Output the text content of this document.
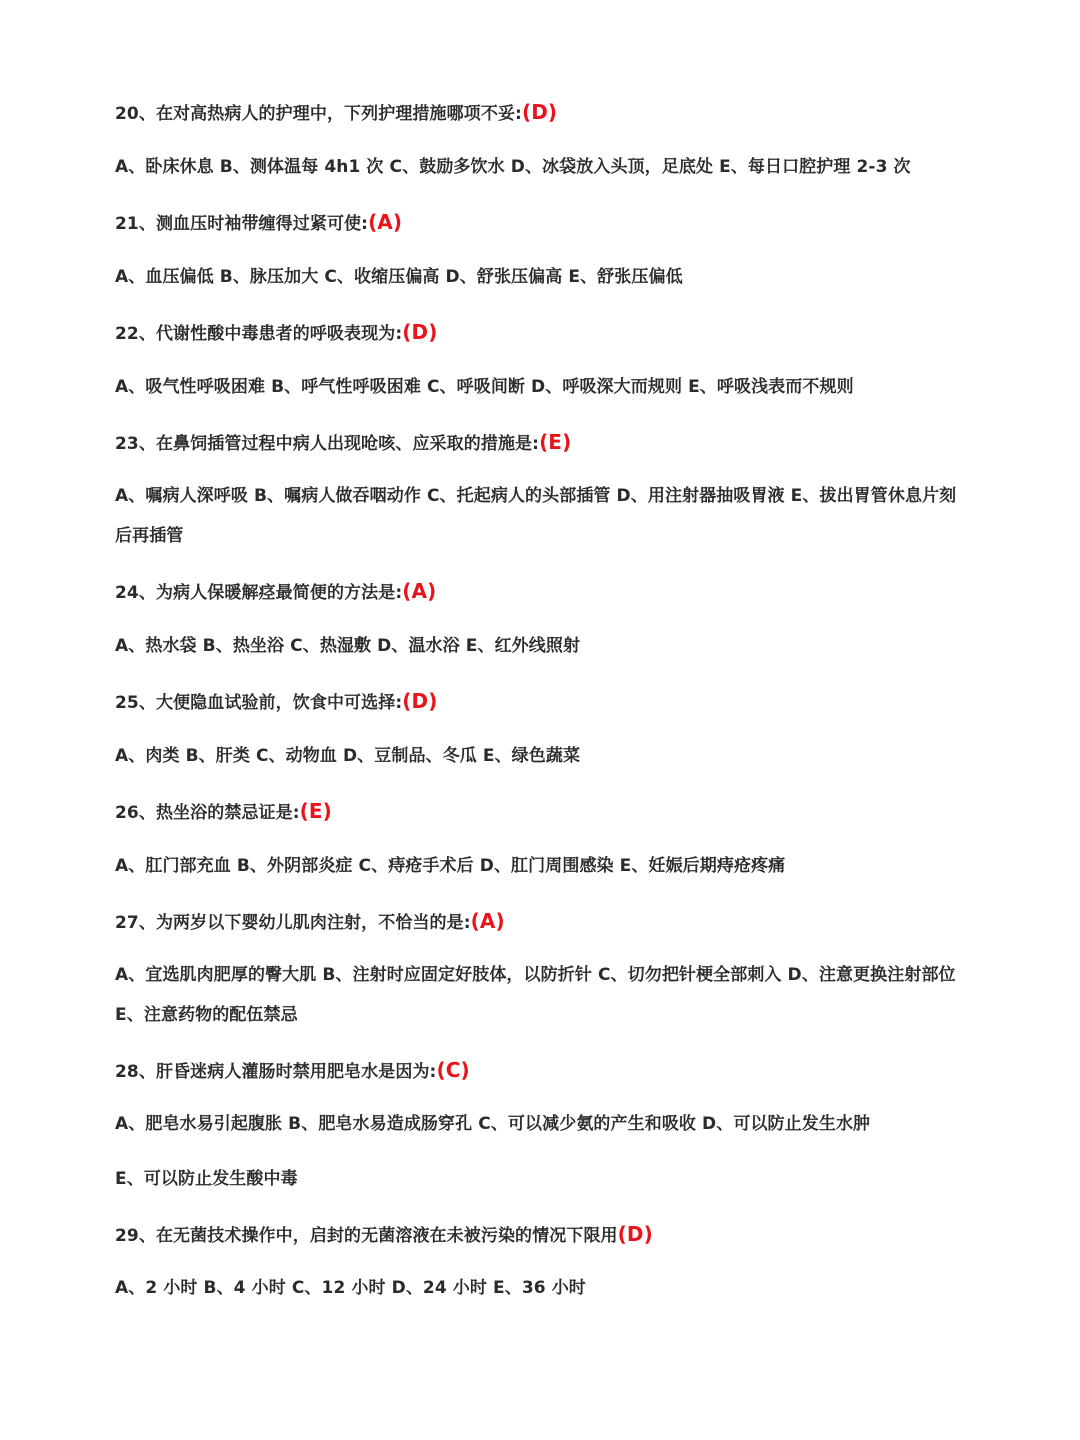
20、在对高热病人的护理中，下列护理措施哪项不妥:(D)
A、卧床休息 B、测体温每 4h1 次 C、鼓励多饮水 D、冰袋放入头顶，足底处 E、每日口腔护理 2-3 次
21、测血压时袖带缠得过紧可使:(A)
A、血压偏低 B、脉压加大 C、收缩压偏高 D、舒张压偏高 E、舒张压偏低
22、代谢性酸中毒患者的呼吸表现为:(D)
A、吸气性呼吸困难 B、呼气性呼吸困难 C、呼吸间断 D、呼吸深大而规则 E、呼吸浅表而不规则
23、在鼻饲插管过程中病人出现呛咳、应采取的措施是:(E)
A、嘱病人深呼吸 B、嘱病人做吞咽动作 C、托起病人的头部插管 D、用注射器抽吸胃液 E、拔出胃管休息片刻后再插管
24、为病人保暖解痉最简便的方法是:(A)
A、热水袋 B、热坐浴 C、热湿敷 D、温水浴 E、红外线照射
25、大便隐血试验前，饮食中可选择:(D)
A、肉类 B、肝类 C、动物血 D、豆制品、冬瓜 E、绿色蔬菜
26、热坐浴的禁忌证是:(E)
A、肛门部充血 B、外阴部炎症 C、痔疮手术后 D、肛门周围感染 E、妊娠后期痔疮疼痛
27、为两岁以下婴幼儿肌肉注射，不恰当的是:(A)
A、宜选肌肉肥厚的臀大肌 B、注射时应固定好肢体，以防折针 C、切勿把针梗全部刺入 D、注意更换注射部位 E、注意药物的配伍禁忌
28、肝昏迷病人灌肠时禁用肥皂水是因为:(C)
A、肥皂水易引起腹胀 B、肥皂水易造成肠穿孔 C、可以减少氨的产生和吸收 D、可以防止发生水肿
E、可以防止发生酸中毒
29、在无菌技术操作中，启封的无菌溶液在未被污染的情况下限用(D)
A、2 小时 B、4 小时 C、12 小时 D、24 小时 E、36 小时
